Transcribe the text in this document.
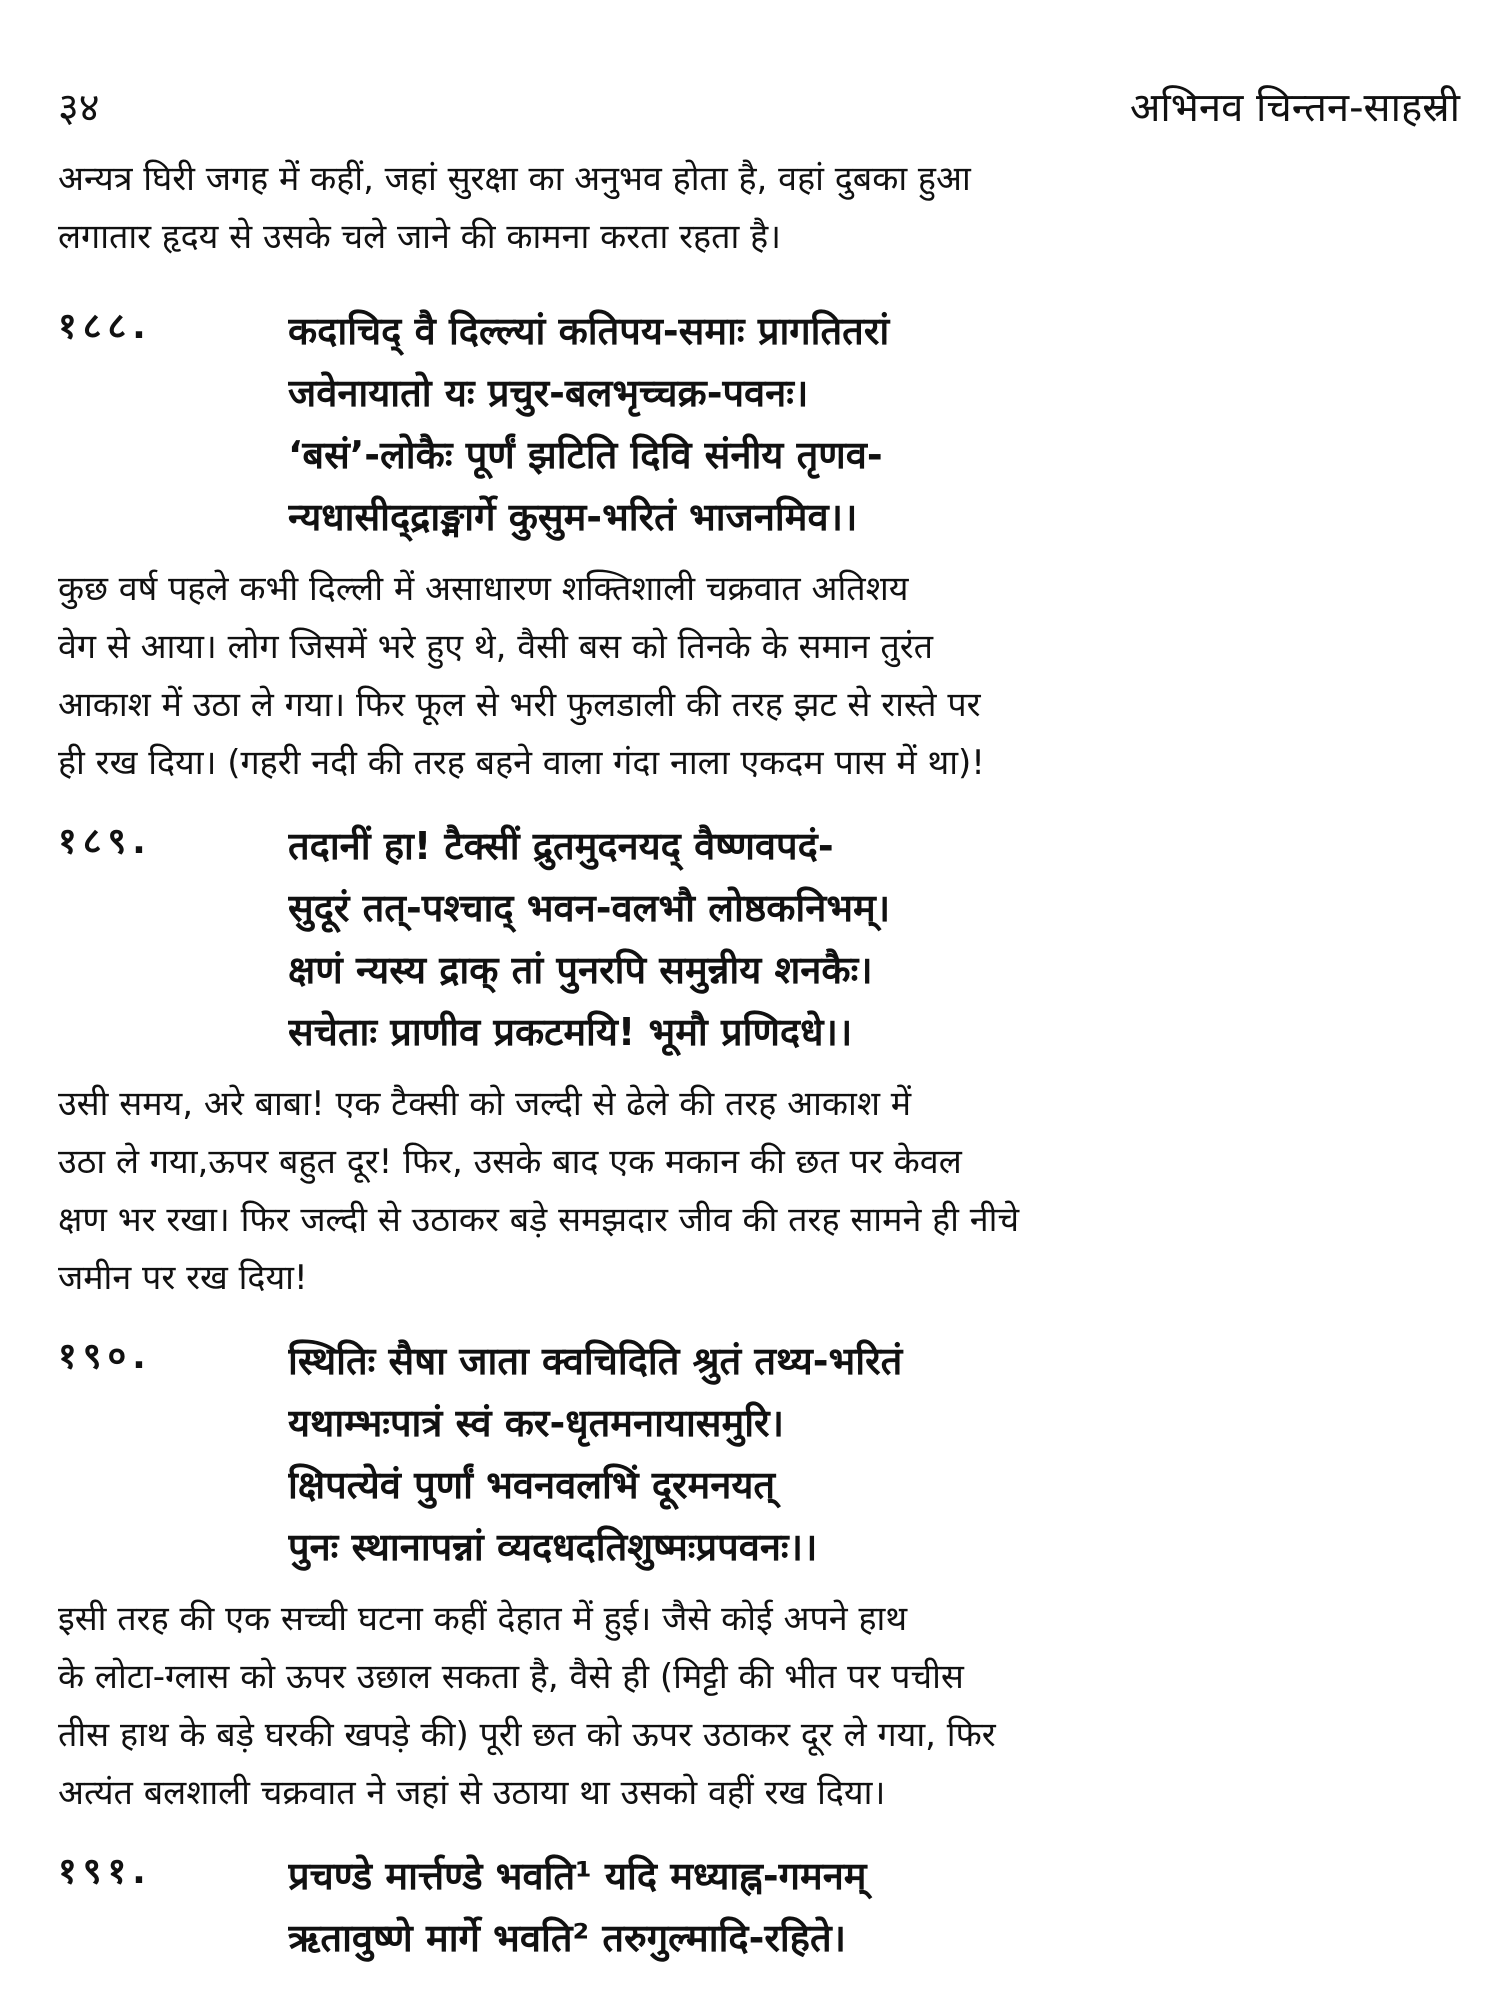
३४	अभिनव चिन्तन-साहस्री
अन्यत्र घिरी जगह में कहीं, जहां सुरक्षा का अनुभव होता है, वहां दुबका हुआ
लगातार हृदय से उसके चले जाने की कामना करता रहता है।
१८८.	कदाचिद् वै दिल्ल्यां कतिपय-समाः प्रागतितरां
जवेनायातो यः प्रचुर-बलभृच्चक्र-पवनः।
‘बसं’-लोकैः पूर्णं झटिति दिवि संनीय तृणव-
न्यधासीद्द्राङ्मार्गे कुसुम-भरितं भाजनमिव।।
कुछ वर्ष पहले कभी दिल्ली में असाधारण शक्तिशाली चक्रवात अतिशय
वेग से आया। लोग जिसमें भरे हुए थे, वैसी बस को तिनके के समान तुरंत
आकाश में उठा ले गया। फिर फूल से भरी फुलडाली की तरह झट से रास्ते पर
ही रख दिया। (गहरी नदी की तरह बहने वाला गंदा नाला एकदम पास में था)!
१८९.	तदानीं हा! टैक्सीं द्रुतमुदनयद् वैष्णवपदं-
सुदूरं तत्-पश्चाद् भवन-वलभौ लोष्ठकनिभम्।
क्षणं न्यस्य द्राक् तां पुनरपि समुन्नीय शनकैः।
सचेताः प्राणीव प्रकटमयि! भूमौ प्रणिदधे।।
उसी समय, अरे बाबा! एक टैक्सी को जल्दी से ढेले की तरह आकाश में
उठा ले गया,ऊपर बहुत दूर! फिर, उसके बाद एक मकान की छत पर केवल
क्षण भर रखा। फिर जल्दी से उठाकर बड़े समझदार जीव की तरह सामने ही नीचे
जमीन पर रख दिया!
१९०.	स्थितिः सैषा जाता क्वचिदिति श्रुतं तथ्य-भरितं
यथाम्भःपात्रं स्वं कर-धृतमनायासमुरि।
क्षिपत्येवं पुर्णां भवनवलभिं दूरमनयत्
पुनः स्थानापन्नां व्यदधदतिशुष्मःप्रपवनः।।
इसी तरह की एक सच्ची घटना कहीं देहात में हुई। जैसे कोई अपने हाथ
के लोटा-ग्लास को ऊपर उछाल सकता है, वैसे ही (मिट्टी की भीत पर पचीस
तीस हाथ के बड़े घरकी खपड़े की) पूरी छत को ऊपर उठाकर दूर ले गया, फिर
अत्यंत बलशाली चक्रवात ने जहां से उठाया था उसको वहीं रख दिया।
१९१.	प्रचण्डे मार्त्तण्डे भवति¹ यदि मध्याह्न-गमनम्
ऋतावुष्णे मार्गे भवति² तरुगुल्मादि-रहिते।
